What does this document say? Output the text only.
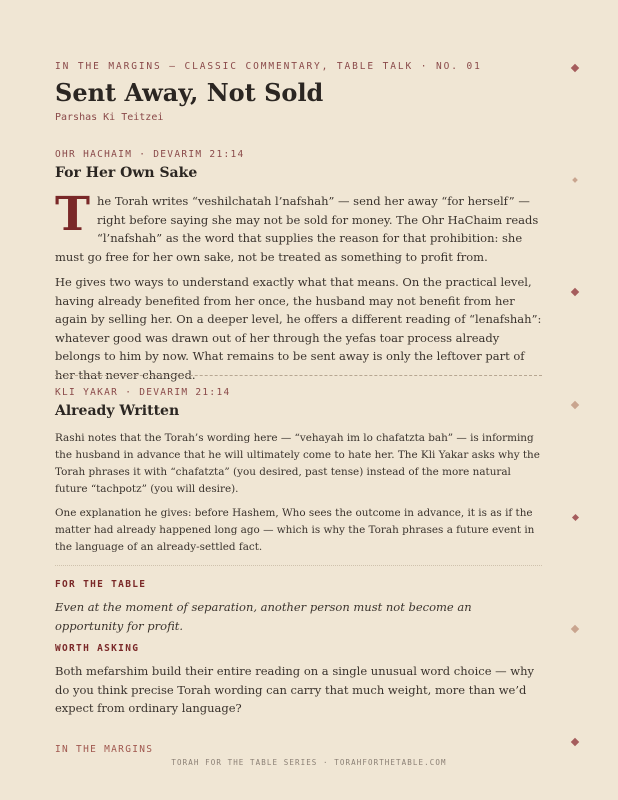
IN THE MARGINS — CLASSIC COMMENTARY, TABLE TALK · NO. 01
Sent Away, Not Sold
Parshas Ki Teitzei
OHR HACHAIM · DEVARIM 21:14
For Her Own Sake

The Torah writes “veshilchatah l’nafshah” — send her away “for herself” — right before saying she may not be sold for money. The Ohr HaChaim reads “l’nafshah” as the word that supplies the reason for that prohibition: she must go free for her own sake, not be treated as something to profit from.

He gives two ways to understand exactly what that means. On the practical level, having already benefited from her once, the husband may not benefit from her again by selling her. On a deeper level, he offers a different reading of “lenafshah”: whatever good was drawn out of her through the yefas toar process already belongs to him by now. What remains to be sent away is only the leftover part of her that never changed.

KLI YAKAR · DEVARIM 21:14
Already Written

Rashi notes that the Torah’s wording here — “vehayah im lo chafatzta bah” — is informing the husband in advance that he will ultimately come to hate her. The Kli Yakar asks why the Torah phrases it with “chafatzta” (you desired, past tense) instead of the more natural future “tachpotz” (you will desire).

One explanation he gives: before Hashem, Who sees the outcome in advance, it is as if the matter had already happened long ago — which is why the Torah phrases a future event in the language of an already-settled fact.

FOR THE TABLE

Even at the moment of separation, another person must not become an opportunity for profit.

WORTH ASKING

Both mefarshim build their entire reading on a single unusual word choice — why do you think precise Torah wording can carry that much weight, more than we’d expect from ordinary language?

IN THE MARGINS
TORAH FOR THE TABLE SERIES · TORAHFORTHETABLE.COM
